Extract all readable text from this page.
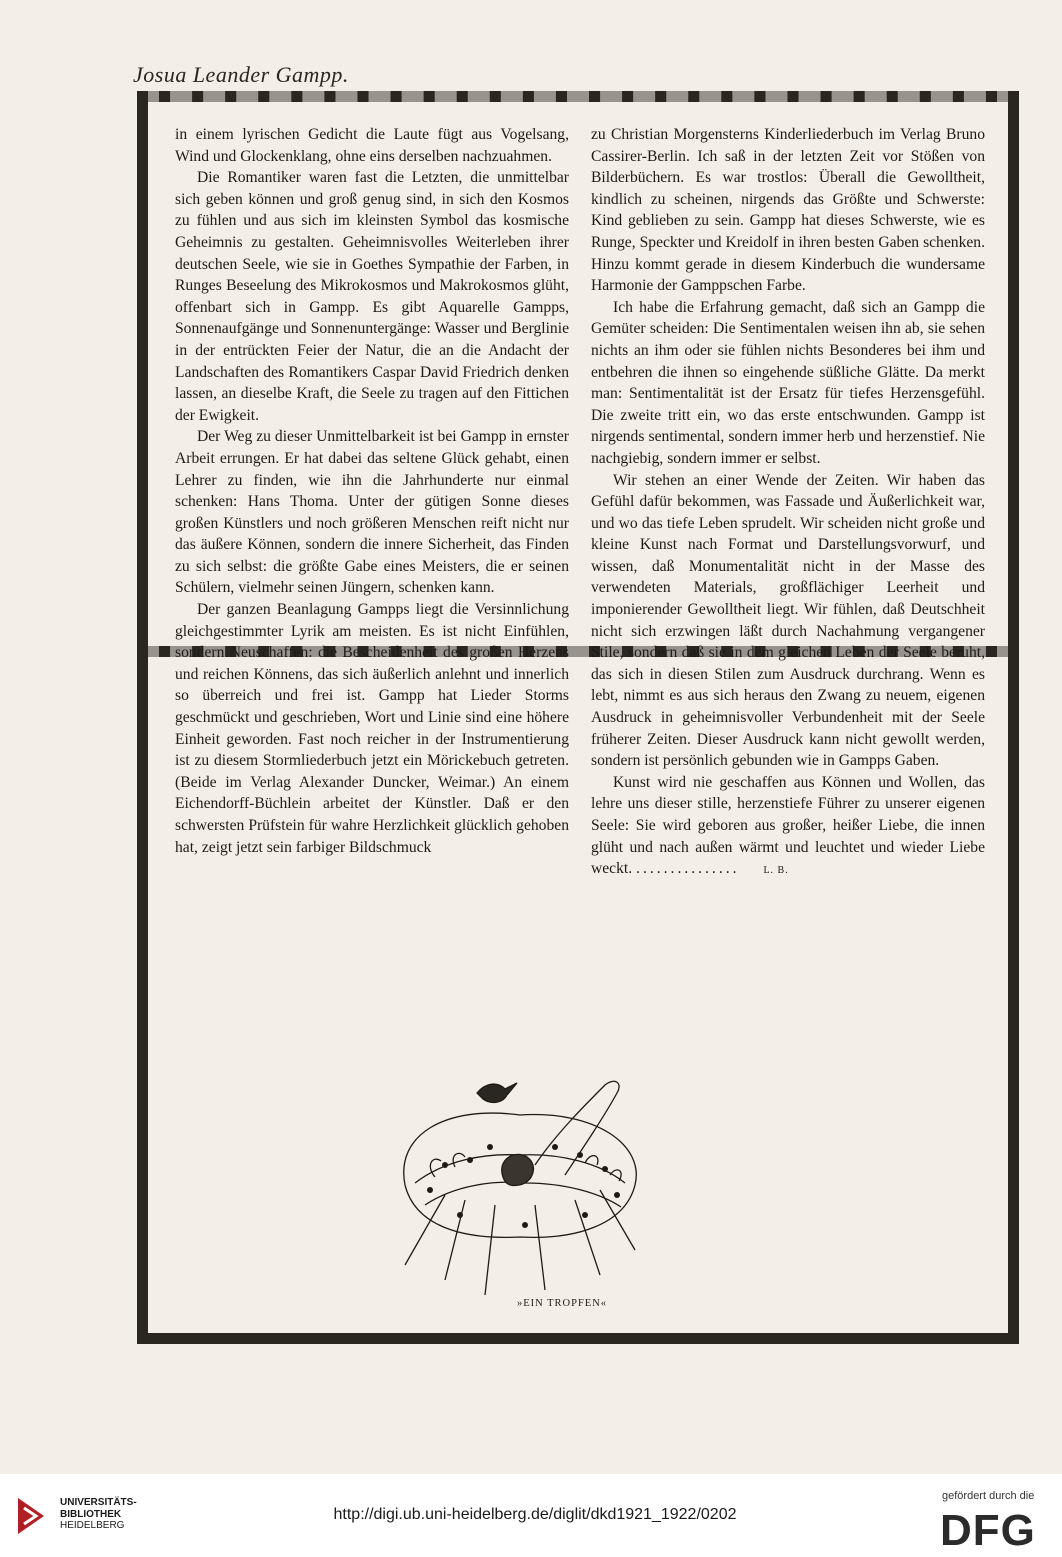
Josua Leander Gampp.

in einem lyrischen Gedicht die Laute fügt aus Vogelsang, Wind und Glockenklang, ohne eins derselben nachzuahmen.

Die Romantiker waren fast die Letzten, die unmittelbar sich geben können und groß genug sind, in sich den Kosmos zu fühlen und aus sich im kleinsten Symbol das kosmische Geheimnis zu gestalten. Geheimnisvolles Weiterleben ihrer deutschen Seele, wie sie in Goethes Sympathie der Farben, in Runges Beseelung des Mikrokosmos und Makrokosmos glüht, offenbart sich in Gampp. Es gibt Aquarelle Gampps, Sonnenaufgänge und Sonnenuntergänge: Wasser und Berglinie in der entrückten Feier der Natur, die an die Andacht der Landschaften des Romantikers Caspar David Friedrich denken lassen, an dieselbe Kraft, die Seele zu tragen auf den Fittichen der Ewigkeit.

Der Weg zu dieser Unmittelbarkeit ist bei Gampp in ernster Arbeit errungen. Er hat dabei das seltene Glück gehabt, einen Lehrer zu finden, wie ihn die Jahrhunderte nur einmal schenken: Hans Thoma. Unter der gütigen Sonne dieses großen Künstlers und noch größeren Menschen reift nicht nur das äußere Können, sondern die innere Sicherheit, das Finden zu sich selbst: die größte Gabe eines Meisters, die er seinen Schülern, vielmehr seinen Jüngern, schenken kann.

Der ganzen Beanlagung Gampps liegt die Versinnlichung gleichgestimmter Lyrik am meisten. Es ist nicht Einfühlen, sondern Neuschaffen: die Bescheidenheit des großen Herzens und reichen Könnens, das sich äußerlich anlehnt und innerlich so überreich und frei ist. Gampp hat Lieder Storms geschmückt und geschrieben, Wort und Linie sind eine höhere Einheit geworden. Fast noch reicher in der Instrumentierung ist zu diesem Stormliederbuch jetzt ein Mörickebuch getreten. (Beide im Verlag Alexander Duncker, Weimar.) An einem Eichendorff-Büchlein arbeitet der Künstler. Daß er den schwersten Prüfstein für wahre Herzlichkeit glücklich gehoben hat, zeigt jetzt sein farbiger Bildschmuck

zu Christian Morgensterns Kinderliederbuch im Verlag Bruno Cassirer-Berlin. Ich saß in der letzten Zeit vor Stößen von Bilderbüchern. Es war trostlos: Überall die Gewolltheit, kindlich zu scheinen, nirgends das Größte und Schwerste: Kind geblieben zu sein. Gampp hat dieses Schwerste, wie es Runge, Speckter und Kreidolf in ihren besten Gaben schenken. Hinzu kommt gerade in diesem Kinderbuch die wundersame Harmonie der Gamppschen Farbe.

Ich habe die Erfahrung gemacht, daß sich an Gampp die Gemüter scheiden: Die Sentimentalen weisen ihn ab, sie sehen nichts an ihm oder sie fühlen nichts Besonderes bei ihm und entbehren die ihnen so eingehende süßliche Glätte. Da merkt man: Sentimentalität ist der Ersatz für tiefes Herzensgefühl. Die zweite tritt ein, wo das erste entschwunden. Gampp ist nirgends sentimental, sondern immer herb und herzenstief. Nie nachgiebig, sondern immer er selbst.

Wir stehen an einer Wende der Zeiten. Wir haben das Gefühl dafür bekommen, was Fassade und Äußerlichkeit war, und wo das tiefe Leben sprudelt. Wir scheiden nicht große und kleine Kunst nach Format und Darstellungsvorwurf, und wissen, daß Monumentalität nicht in der Masse des verwendeten Materials, großflächiger Leerheit und imponierender Gewolltheit liegt. Wir fühlen, daß Deutschheit nicht sich erzwingen läßt durch Nachahmung vergangener Stile, sondern daß sie in dem gleichen Leben der Seele beruht, das sich in diesen Stilen zum Ausdruck durchrang. Wenn es lebt, nimmt es aus sich heraus den Zwang zu neuem, eigenen Ausdruck in geheimnisvoller Verbundenheit mit der Seele früherer Zeiten. Dieser Ausdruck kann nicht gewollt werden, sondern ist persönlich gebunden wie in Gampps Gaben.

Kunst wird nie geschaffen aus Können und Wollen, das lehre uns dieser stille, herzenstiefe Führer zu unserer eigenen Seele: Sie wird geboren aus großer, heißer Liebe, die innen glüht und nach außen wärmt und leuchtet und wieder Liebe weckt. ............... L. B.

»EIN TROPFEN«
UNIVERSITÄTS-
BIBLIOTHEK
HEIDELBERG
http://digi.ub.uni-heidelberg.de/diglit/dkd1921_1922/0202
gefördert durch die
DFG
